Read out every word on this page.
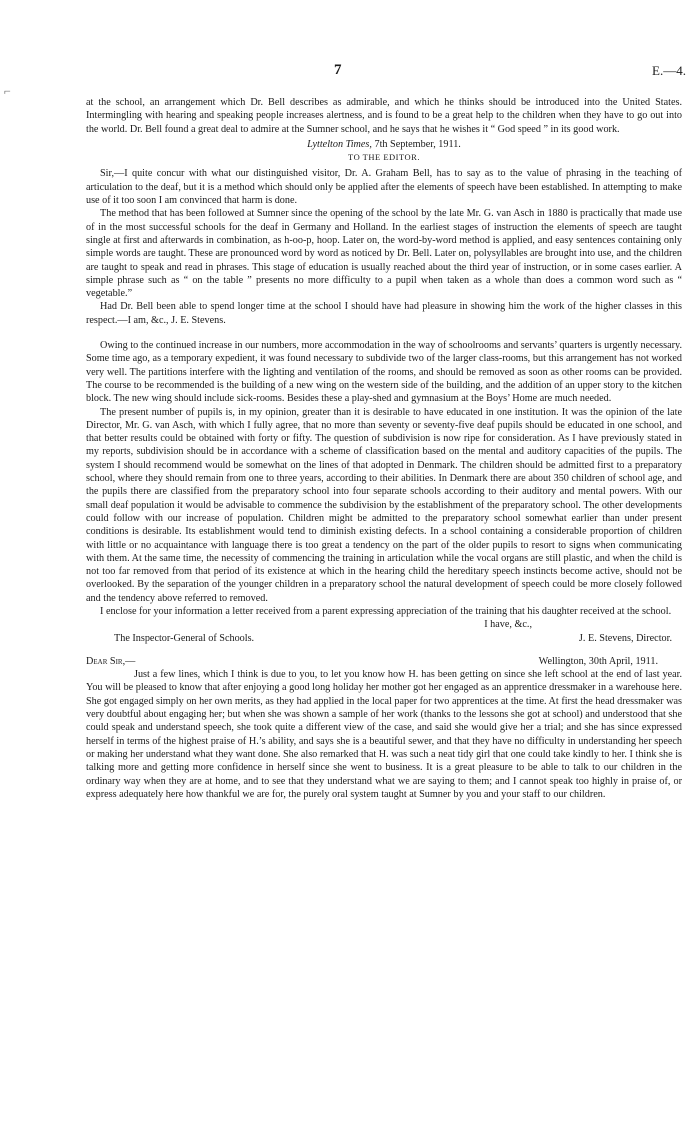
⌐
7	E.—4.

at the school, an arrangement which Dr. Bell describes as admirable, and which he thinks should be introduced into the United States. Intermingling with hearing and speaking people increases alertness, and is found to be a great help to the children when they have to go out into the world. Dr. Bell found a great deal to admire at the Sumner school, and he says that he wishes it “ God speed ” in its good work.

Lyttelton Times, 7th September, 1911.

TO THE EDITOR.

Sir,—I quite concur with what our distinguished visitor, Dr. A. Graham Bell, has to say as to the value of phrasing in the teaching of articulation to the deaf, but it is a method which should only be applied after the elements of speech have been established. In attempting to make use of it too soon I am convinced that harm is done.

The method that has been followed at Sumner since the opening of the school by the late Mr. G. van Asch in 1880 is practically that made use of in the most successful schools for the deaf in Germany and Holland. In the earliest stages of instruction the elements of speech are taught single at first and afterwards in combination, as h-oo-p, hoop. Later on, the word-by-word method is applied, and easy sentences containing only simple words are taught. These are pronounced word by word as noticed by Dr. Bell. Later on, polysyllables are brought into use, and the children are taught to speak and read in phrases. This stage of education is usually reached about the third year of instruction, or in some cases earlier. A simple phrase such as “ on the table ” presents no more difficulty to a pupil when taken as a whole than does a common word such as “ vegetable.”

Had Dr. Bell been able to spend longer time at the school I should have had pleasure in showing him the work of the higher classes in this respect.—I am, &c., J. E. Stevens.

Owing to the continued increase in our numbers, more accommodation in the way of schoolrooms and servants’ quarters is urgently necessary. Some time ago, as a temporary expedient, it was found necessary to subdivide two of the larger class-rooms, but this arrangement has not worked very well. The partitions interfere with the lighting and ventilation of the rooms, and should be removed as soon as other rooms can be provided. The course to be recommended is the building of a new wing on the western side of the building, and the addition of an upper story to the kitchen block. The new wing should include sick-rooms. Besides these a play-shed and gymnasium at the Boys’ Home are much needed.

The present number of pupils is, in my opinion, greater than it is desirable to have educated in one institution. It was the opinion of the late Director, Mr. G. van Asch, with which I fully agree, that no more than seventy or seventy-five deaf pupils should be educated in one school, and that better results could be obtained with forty or fifty. The question of subdivision is now ripe for consideration. As I have previously stated in my reports, subdivision should be in accordance with a scheme of classification based on the mental and auditory capacities of the pupils. The system I should recommend would be somewhat on the lines of that adopted in Denmark. The children should be admitted first to a preparatory school, where they should remain from one to three years, according to their abilities. In Denmark there are about 350 children of school age, and the pupils there are classified from the preparatory school into four separate schools according to their auditory and mental powers. With our small deaf population it would be advisable to commence the subdivision by the establishment of the preparatory school. The other developments could follow with our increase of population. Children might be admitted to the preparatory school somewhat earlier than under present conditions is desirable. Its establishment would tend to diminish existing defects. In a school containing a considerable proportion of children with little or no acquaintance with language there is too great a tendency on the part of the older pupils to resort to signs when communicating with them. At the same time, the necessity of commencing the training in articulation while the vocal organs are still plastic, and when the child is not too far removed from that period of its existence at which in the hearing child the hereditary speech instincts become active, should not be overlooked. By the separation of the younger children in a preparatory school the natural development of speech could be more closely followed and the tendency above referred to removed.

I enclose for your information a letter received from a parent expressing appreciation of the training that his daughter received at the school.

I have, &c.,
The Inspector-General of Schools.	J. E. Stevens, Director.
Dear Sir,—	Wellington, 30th April, 1911.

Just a few lines, which I think is due to you, to let you know how H. has been getting on since she left school at the end of last year. You will be pleased to know that after enjoying a good long holiday her mother got her engaged as an apprentice dressmaker in a warehouse here. She got engaged simply on her own merits, as they had applied in the local paper for two apprentices at the time. At first the head dressmaker was very doubtful about engaging her; but when she was shown a sample of her work (thanks to the lessons she got at school) and understood that she could speak and understand speech, she took quite a different view of the case, and said she would give her a trial; and she has since expressed herself in terms of the highest praise of H.’s ability, and says she is a beautiful sewer, and that they have no difficulty in understanding her speech or making her understand what they want done. She also remarked that H. was such a neat tidy girl that one could take kindly to her. I think she is talking more and getting more confidence in herself since she went to business. It is a great pleasure to be able to talk to our children in the ordinary way when they are at home, and to see that they understand what we are saying to them; and I cannot speak too highly in praise of, or express adequately here how thankful we are for, the purely oral system taught at Sumner by you and your staff to our children.
